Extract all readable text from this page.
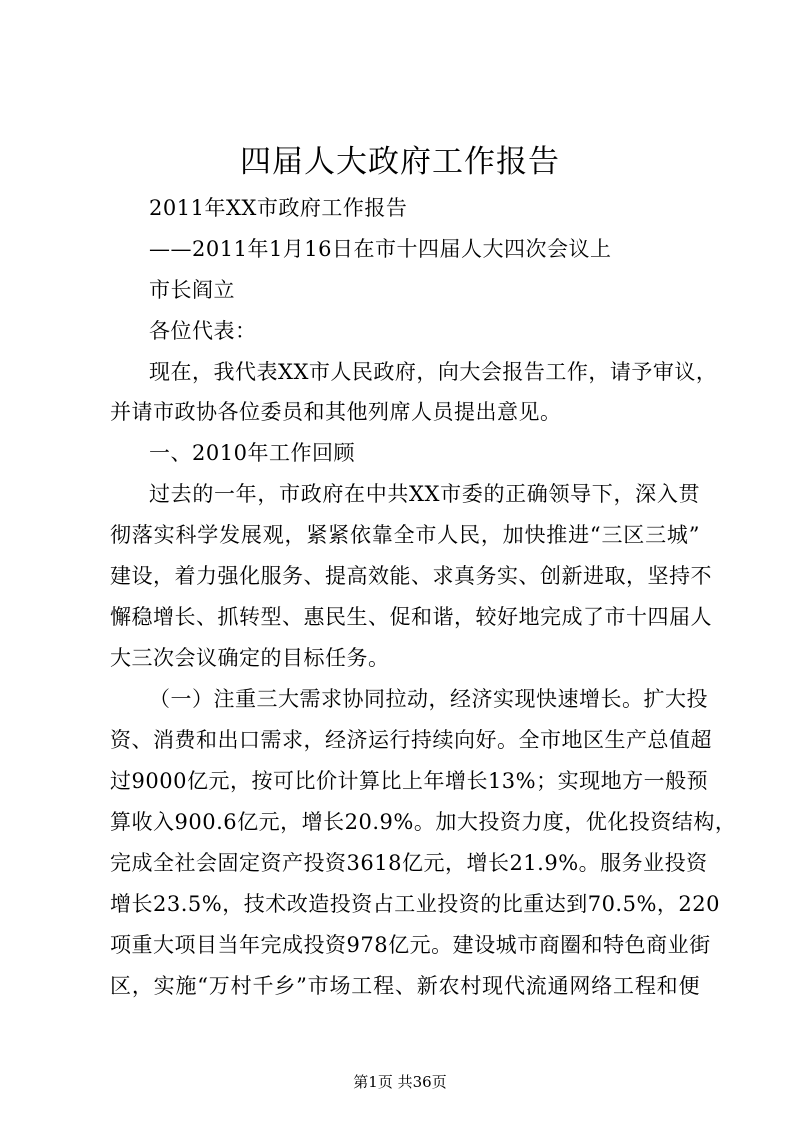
四届人大政府工作报告
2011年XX市政府工作报告
——2011年1月16日在市十四届人大四次会议上
市长阎立
各位代表：
现在，我代表XX市人民政府，向大会报告工作，请予审议，
并请市政协各位委员和其他列席人员提出意见。
一、2010年工作回顾
过去的一年，市政府在中共XX市委的正确领导下，深入贯
彻落实科学发展观，紧紧依靠全市人民，加快推进“三区三城”
建设，着力强化服务、提高效能、求真务实、创新进取，坚持不
懈稳增长、抓转型、惠民生、促和谐，较好地完成了市十四届人
大三次会议确定的目标任务。
（一）注重三大需求协同拉动，经济实现快速增长。扩大投
资、消费和出口需求，经济运行持续向好。全市地区生产总值超
过9000亿元，按可比价计算比上年增长13%；实现地方一般预
算收入900.6亿元，增长20.9%。加大投资力度，优化投资结构，
完成全社会固定资产投资3618亿元，增长21.9%。服务业投资
增长23.5%，技术改造投资占工业投资的比重达到70.5%，220
项重大项目当年完成投资978亿元。建设城市商圈和特色商业街
区，实施“万村千乡”市场工程、新农村现代流通网络工程和便
第1页 共36页
